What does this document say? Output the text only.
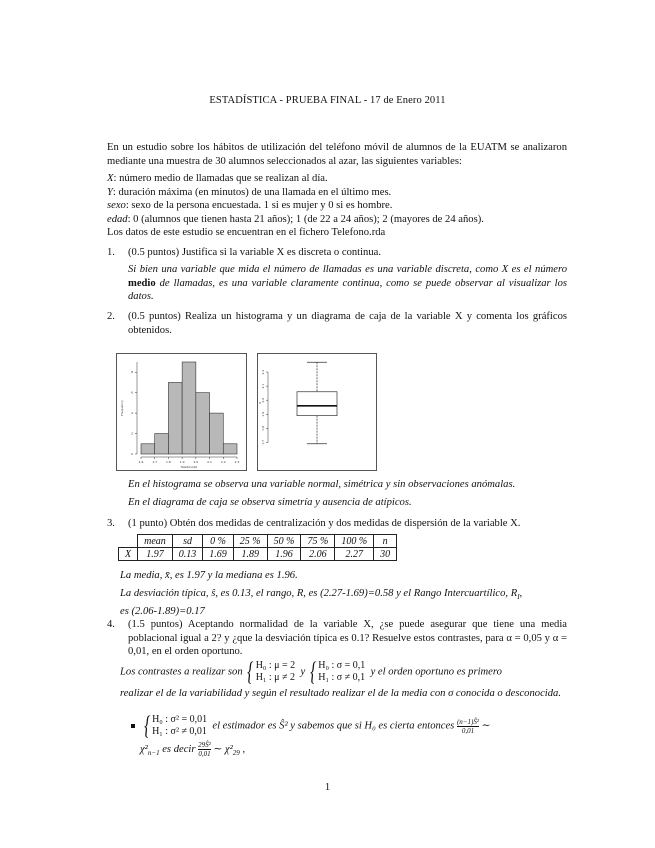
ESTADÍSTICA - PRUEBA FINAL - 17 de Enero 2011
En un estudio sobre los hábitos de utilización del teléfono móvil de alumnos de la EUATM se analizaron mediante una muestra de 30 alumnos seleccionados al azar, las siguientes variables:
X: número medio de llamadas que se realizan al día.
Y: duración máxima (en minutos) de una llamada en el último mes.
sexo: sexo de la persona encuestada. 1 si es mujer y 0 si es hombre.
edad: 0 (alumnos que tienen hasta 21 años); 1 (de 22 a 24 años); 2 (mayores de 24 años).
Los datos de este estudio se encuentran en el fichero Telefono.rda
1. (0.5 puntos) Justifica si la variable X es discreta o continua.
Si bien una variable que mida el número de llamadas es una variable discreta, como X es el número medio de llamadas, es una variable claramente continua, como se puede observar al visualizar los datos.
2. (0.5 puntos) Realiza un histograma y un diagrama de caja de la variable X y comenta los gráficos obtenidos.
1.6	1.7	1.8	1.9	2.0	2.1	2.2	2.3
0
2
4
6
8
Telefono$X
Frequency
1.7
1.8
1.9
2.0
2.1
2.2
X
En el histograma se observa una variable normal, simétrica y sin observaciones anómalas.
En el diagrama de caja se observa simetría y ausencia de atípicos.
3. (1 punto) Obtén dos medidas de centralización y dos medidas de dispersión de la variable X.
	mean	sd	0 %	25 %	50 %	75 %	100 %	n
X	1.97	0.13	1.69	1.89	1.96	2.06	2.27	30
La media, x̄, es 1.97 y la mediana es 1.96.
La desviación típica, ŝ, es 0.13, el rango, R, es (2.27-1.69)=0.58 y el Rango Intercuartílico, $R_I$,
es (2.06-1.89)=0.17
4. (1.5 puntos) Aceptando normalidad de la variable X, ¿se puede asegurar que tiene una media poblacional igual a 2? y ¿que la desviación típica es 0.1? Resuelve estos contrastes, para α = 0,05 y α = 0,01, en el orden oportuno.
Los contrastes a realizar son { H₀ : μ = 2
H₁ : μ ≠ 2  y { H₀ : σ = 0,1
H₁ : σ ≠ 0,1  y el orden oportuno es primero
realizar el de la variabilidad y según el resultado realizar el de la media con σ conocida o desconocida.
{ H₀ : σ² = 0,01
H₁ : σ² ≠ 0,01  el estimador es Ŝ² y sabemos que si H₀ es cierta entonces $\frac{\text{(n−1)Ŝ²}}{0,01}$ ∼
$\chi^2_{n-1}$ es decir $\frac{\text{29Ŝ²}}{0,01}$ ∼ $\chi^2_{29}$ ,
1
